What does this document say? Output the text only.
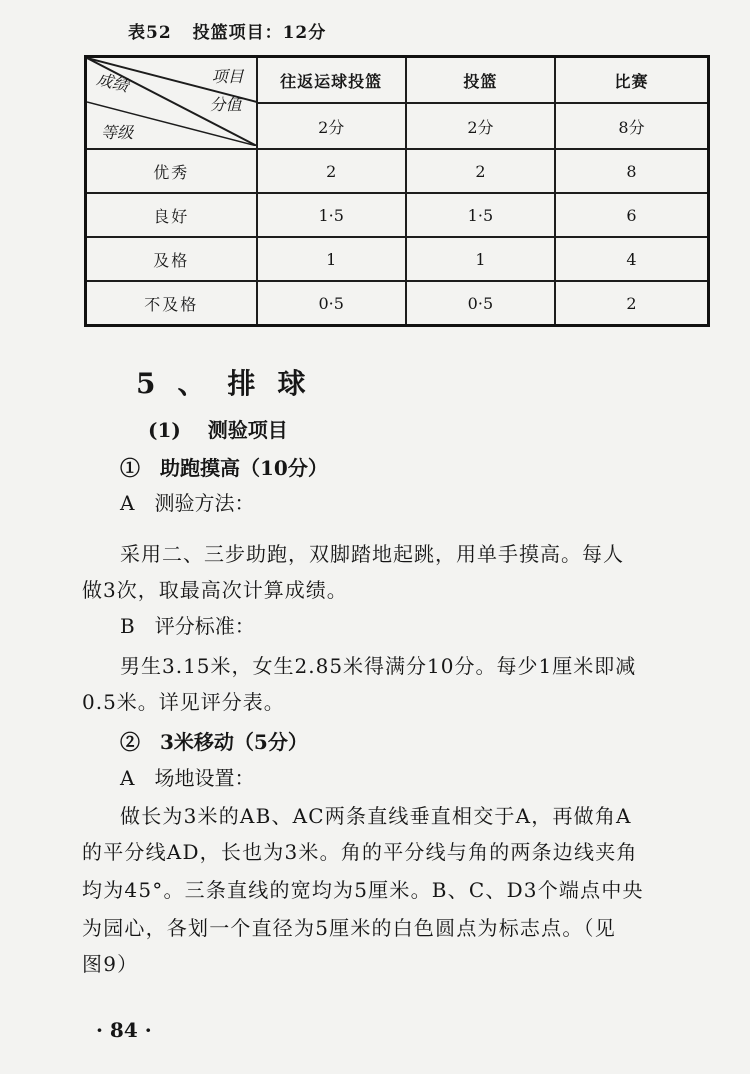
表52 投篮项目：12分
项目
分值
成绩
等级	往返运球投篮	投篮	比赛
	2分	2分	8分
优秀	2	2	8
良好	1·5	1·5	6
及格	1	1	4
不及格	0·5	0·5	2
5、排球
(1)　 测验项目
①　助跑摸高（10分）
A　测验方法：
采用二、三步助跑，双脚踏地起跳，用单手摸高。每人
做3次，取最高次计算成绩。
B　评分标准：
男生3.15米，女生2.85米得满分10分。每少1厘米即减
0.5米。详见评分表。
②　3米移动（5分）
A　场地设置：
做长为3米的AB、AC两条直线垂直相交于A，再做角A
的平分线AD，长也为3米。角的平分线与角的两条边线夹角
均为45°。三条直线的宽均为5厘米。B、C、D3个端点中央
为园心，各划一个直径为5厘米的白色圆点为标志点。（见
图9）
· 84 ·
